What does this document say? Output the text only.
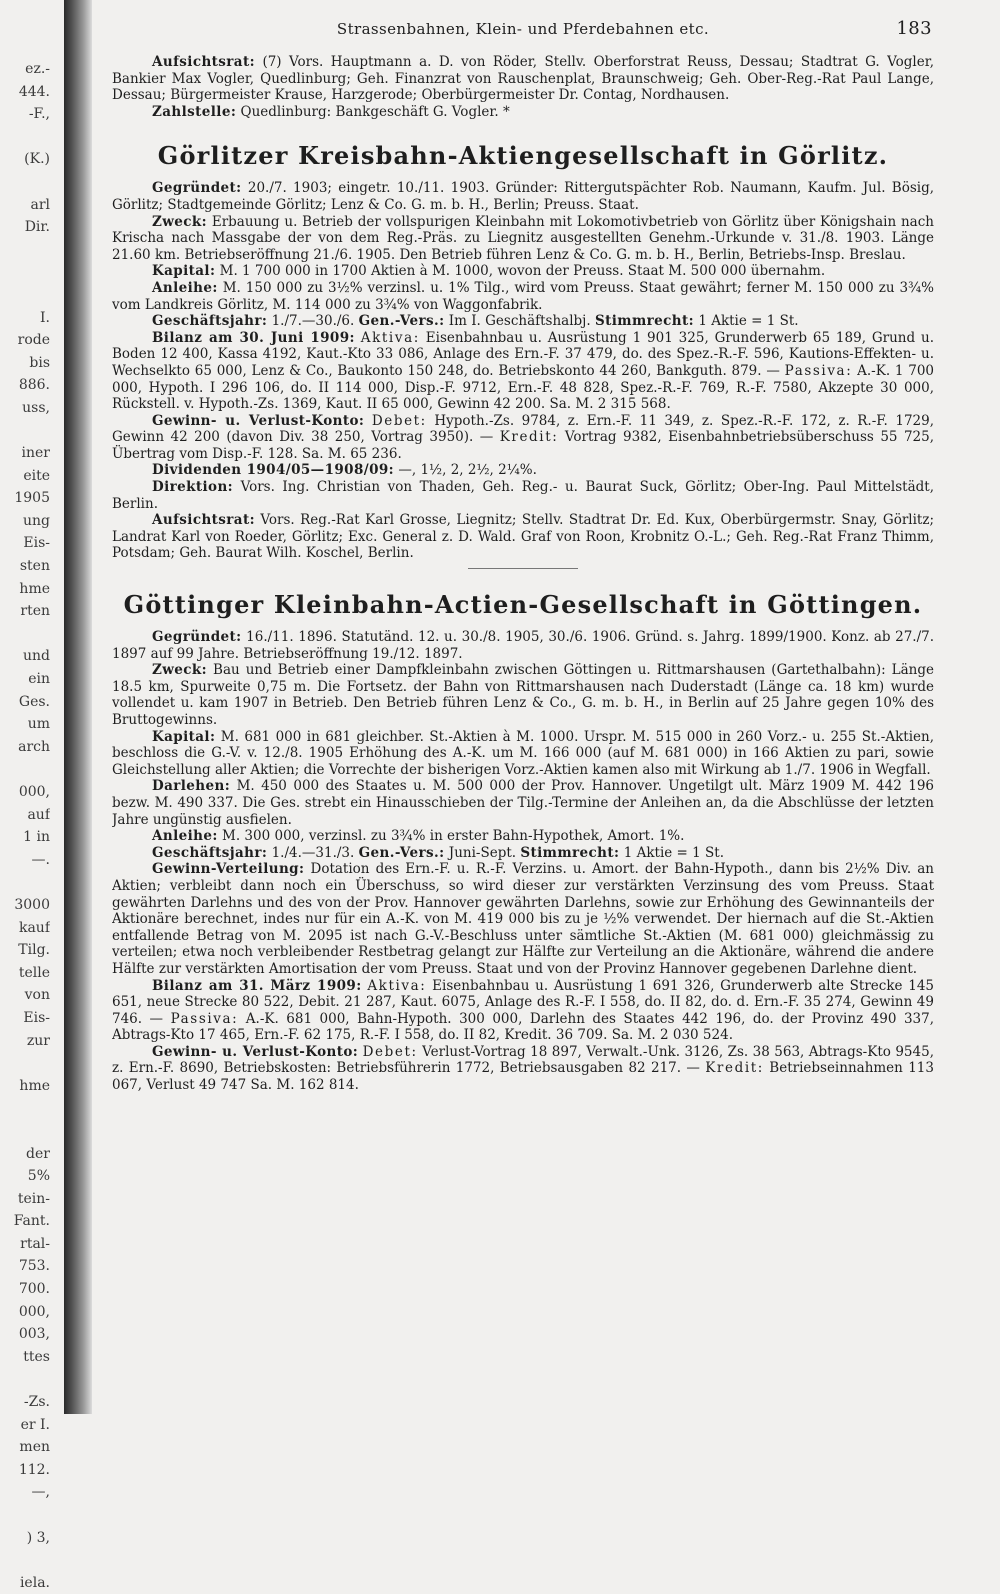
ez.-
444.
-F.,
(K.)
arl
Dir.
I.
rode
bis
886.
uss,
iner
eite
1905
ung
Eis-
sten
hme
rten
und
ein
Ges.
um
arch
000,
auf
1 in
—.
3000
kauf
Tilg.
telle
von
Eis-
zur
hme
der
5%
tein-
Fant.
rtal-
753.
700.
000,
003,
ttes
-Zs.
er I.
men
112.
—,
) 3,
iela.
Strassenbahnen, Klein- und Pferdebahnen etc.	183

Aufsichtsrat: (7) Vors. Hauptmann a. D. von Röder, Stellv. Oberforstrat Reuss, Dessau; Stadtrat G. Vogler, Bankier Max Vogler, Quedlinburg; Geh. Finanzrat von Rauschenplat, Braunschweig; Geh. Ober-Reg.-Rat Paul Lange, Dessau; Bürgermeister Krause, Harzgerode; Oberbürgermeister Dr. Contag, Nordhausen.

Zahlstelle: Quedlinburg: Bankgeschäft G. Vogler. *

Görlitzer Kreisbahn-Aktiengesellschaft in Görlitz.

Gegründet: 20./7. 1903; eingetr. 10./11. 1903. Gründer: Rittergutspächter Rob. Naumann, Kaufm. Jul. Bösig, Görlitz; Stadtgemeinde Görlitz; Lenz & Co. G. m. b. H., Berlin; Preuss. Staat.

Zweck: Erbauung u. Betrieb der vollspurigen Kleinbahn mit Lokomotivbetrieb von Görlitz über Königshain nach Krischa nach Massgabe der von dem Reg.-Präs. zu Liegnitz ausgestellten Genehm.-Urkunde v. 31./8. 1903. Länge 21.60 km. Betriebseröffnung 21./6. 1905. Den Betrieb führen Lenz & Co. G. m. b. H., Berlin, Betriebs-Insp. Breslau.

Kapital: M. 1 700 000 in 1700 Aktien à M. 1000, wovon der Preuss. Staat M. 500 000 übernahm.

Anleihe: M. 150 000 zu 3½% verzinsl. u. 1% Tilg., wird vom Preuss. Staat gewährt; ferner M. 150 000 zu 3¾% vom Landkreis Görlitz, M. 114 000 zu 3¾% von Waggonfabrik.

Geschäftsjahr: 1./7.—30./6. Gen.-Vers.: Im I. Geschäftshalbj. Stimmrecht: 1 Aktie = 1 St.

Bilanz am 30. Juni 1909: Aktiva: Eisenbahnbau u. Ausrüstung 1 901 325, Grunderwerb 65 189, Grund u. Boden 12 400, Kassa 4192, Kaut.-Kto 33 086, Anlage des Ern.-F. 37 479, do. des Spez.-R.-F. 596, Kautions-Effekten- u. Wechselkto 65 000, Lenz & Co., Baukonto 150 248, do. Betriebskonto 44 260, Bankguth. 879. — Passiva: A.-K. 1 700 000, Hypoth. I 296 106, do. II 114 000, Disp.-F. 9712, Ern.-F. 48 828, Spez.-R.-F. 769, R.-F. 7580, Akzepte 30 000, Rückstell. v. Hypoth.-Zs. 1369, Kaut. II 65 000, Gewinn 42 200. Sa. M. 2 315 568.

Gewinn- u. Verlust-Konto: Debet: Hypoth.-Zs. 9784, z. Ern.-F. 11 349, z. Spez.-R.-F. 172, z. R.-F. 1729, Gewinn 42 200 (davon Div. 38 250, Vortrag 3950). — Kredit: Vortrag 9382, Eisenbahnbetriebsüberschuss 55 725, Übertrag vom Disp.-F. 128. Sa. M. 65 236.

Dividenden 1904/05—1908/09: —, 1½, 2, 2½, 2¼%.

Direktion: Vors. Ing. Christian von Thaden, Geh. Reg.- u. Baurat Suck, Görlitz; Ober-Ing. Paul Mittelstädt, Berlin.

Aufsichtsrat: Vors. Reg.-Rat Karl Grosse, Liegnitz; Stellv. Stadtrat Dr. Ed. Kux, Oberbürgermstr. Snay, Görlitz; Landrat Karl von Roeder, Görlitz; Exc. General z. D. Wald. Graf von Roon, Krobnitz O.-L.; Geh. Reg.-Rat Franz Thimm, Potsdam; Geh. Baurat Wilh. Koschel, Berlin.

Göttinger Kleinbahn-Actien-Gesellschaft in Göttingen.

Gegründet: 16./11. 1896. Statutänd. 12. u. 30./8. 1905, 30./6. 1906. Gründ. s. Jahrg. 1899/1900. Konz. ab 27./7. 1897 auf 99 Jahre. Betriebseröffnung 19./12. 1897.

Zweck: Bau und Betrieb einer Dampfkleinbahn zwischen Göttingen u. Rittmarshausen (Gartethalbahn): Länge 18.5 km, Spurweite 0,75 m. Die Fortsetz. der Bahn von Rittmarshausen nach Duderstadt (Länge ca. 18 km) wurde vollendet u. kam 1907 in Betrieb. Den Betrieb führen Lenz & Co., G. m. b. H., in Berlin auf 25 Jahre gegen 10% des Bruttogewinns.

Kapital: M. 681 000 in 681 gleichber. St.-Aktien à M. 1000. Urspr. M. 515 000 in 260 Vorz.- u. 255 St.-Aktien, beschloss die G.-V. v. 12./8. 1905 Erhöhung des A.-K. um M. 166 000 (auf M. 681 000) in 166 Aktien zu pari, sowie Gleichstellung aller Aktien; die Vorrechte der bisherigen Vorz.-Aktien kamen also mit Wirkung ab 1./7. 1906 in Wegfall.

Darlehen: M. 450 000 des Staates u. M. 500 000 der Prov. Hannover. Ungetilgt ult. März 1909 M. 442 196 bezw. M. 490 337. Die Ges. strebt ein Hinausschieben der Tilg.-Termine der Anleihen an, da die Abschlüsse der letzten Jahre ungünstig ausfielen.

Anleihe: M. 300 000, verzinsl. zu 3¾% in erster Bahn-Hypothek, Amort. 1%.

Geschäftsjahr: 1./4.—31./3. Gen.-Vers.: Juni-Sept. Stimmrecht: 1 Aktie = 1 St.

Gewinn-Verteilung: Dotation des Ern.-F. u. R.-F. Verzins. u. Amort. der Bahn-Hypoth., dann bis 2½% Div. an Aktien; verbleibt dann noch ein Überschuss, so wird dieser zur verstärkten Verzinsung des vom Preuss. Staat gewährten Darlehns und des von der Prov. Hannover gewährten Darlehns, sowie zur Erhöhung des Gewinnanteils der Aktionäre berechnet, indes nur für ein A.-K. von M. 419 000 bis zu je ½% verwendet. Der hiernach auf die St.-Aktien entfallende Betrag von M. 2095 ist nach G.-V.-Beschluss unter sämtliche St.-Aktien (M. 681 000) gleichmässig zu verteilen; etwa noch verbleibender Restbetrag gelangt zur Hälfte zur Verteilung an die Aktionäre, während die andere Hälfte zur verstärkten Amortisation der vom Preuss. Staat und von der Provinz Hannover gegebenen Darlehne dient.

Bilanz am 31. März 1909: Aktiva: Eisenbahnbau u. Ausrüstung 1 691 326, Grunderwerb alte Strecke 145 651, neue Strecke 80 522, Debit. 21 287, Kaut. 6075, Anlage des R.-F. I 558, do. II 82, do. d. Ern.-F. 35 274, Gewinn 49 746. — Passiva: A.-K. 681 000, Bahn-Hypoth. 300 000, Darlehn des Staates 442 196, do. der Provinz 490 337, Abtrags-Kto 17 465, Ern.-F. 62 175, R.-F. I 558, do. II 82, Kredit. 36 709. Sa. M. 2 030 524.

Gewinn- u. Verlust-Konto: Debet: Verlust-Vortrag 18 897, Verwalt.-Unk. 3126, Zs. 38 563, Abtrags-Kto 9545, z. Ern.-F. 8690, Betriebskosten: Betriebsführerin 1772, Betriebsausgaben 82 217. — Kredit: Betriebseinnahmen 113 067, Verlust 49 747 Sa. M. 162 814.
